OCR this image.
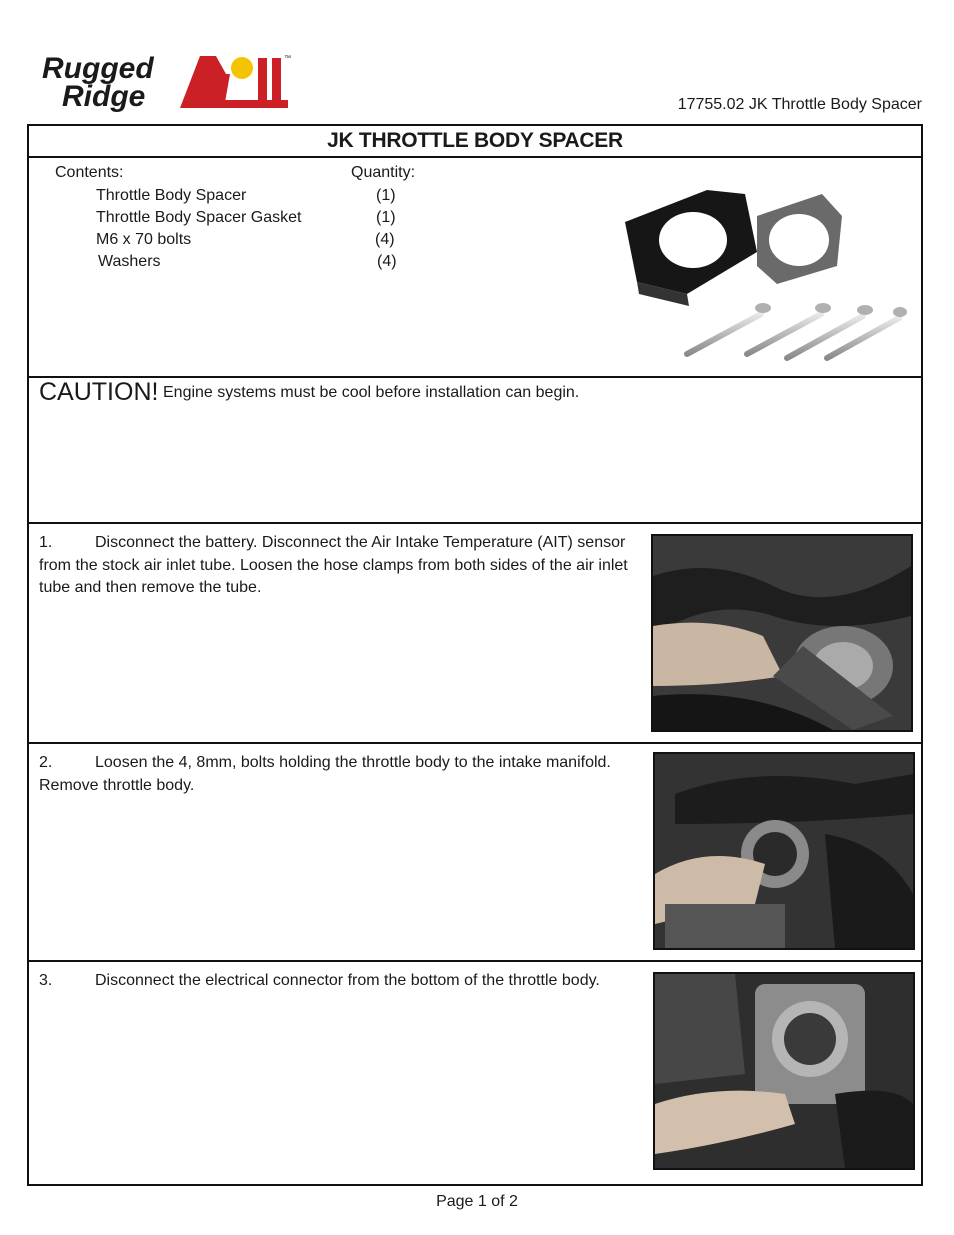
Rugged
Ridge
™
17755.02 JK Throttle Body Spacer
JK THROTTLE BODY SPACER
Contents:	Quantity:
Throttle Body Spacer	(1)
Throttle Body Spacer Gasket	(1)
M6 x 70 bolts	(4)
Washers	(4)
CAUTION! Engine systems must be cool before installation can begin.
1.	Disconnect the battery. Disconnect the Air Intake Temperature (AIT) sensor from the stock air inlet tube. Loosen the hose clamps from both sides of the air inlet tube and then remove the tube.
2.	Loosen the 4, 8mm, bolts holding the throttle body to the intake manifold. Remove throttle body.
3.	Disconnect the electrical connector from the bottom of the throttle body.
Page 1 of 2
